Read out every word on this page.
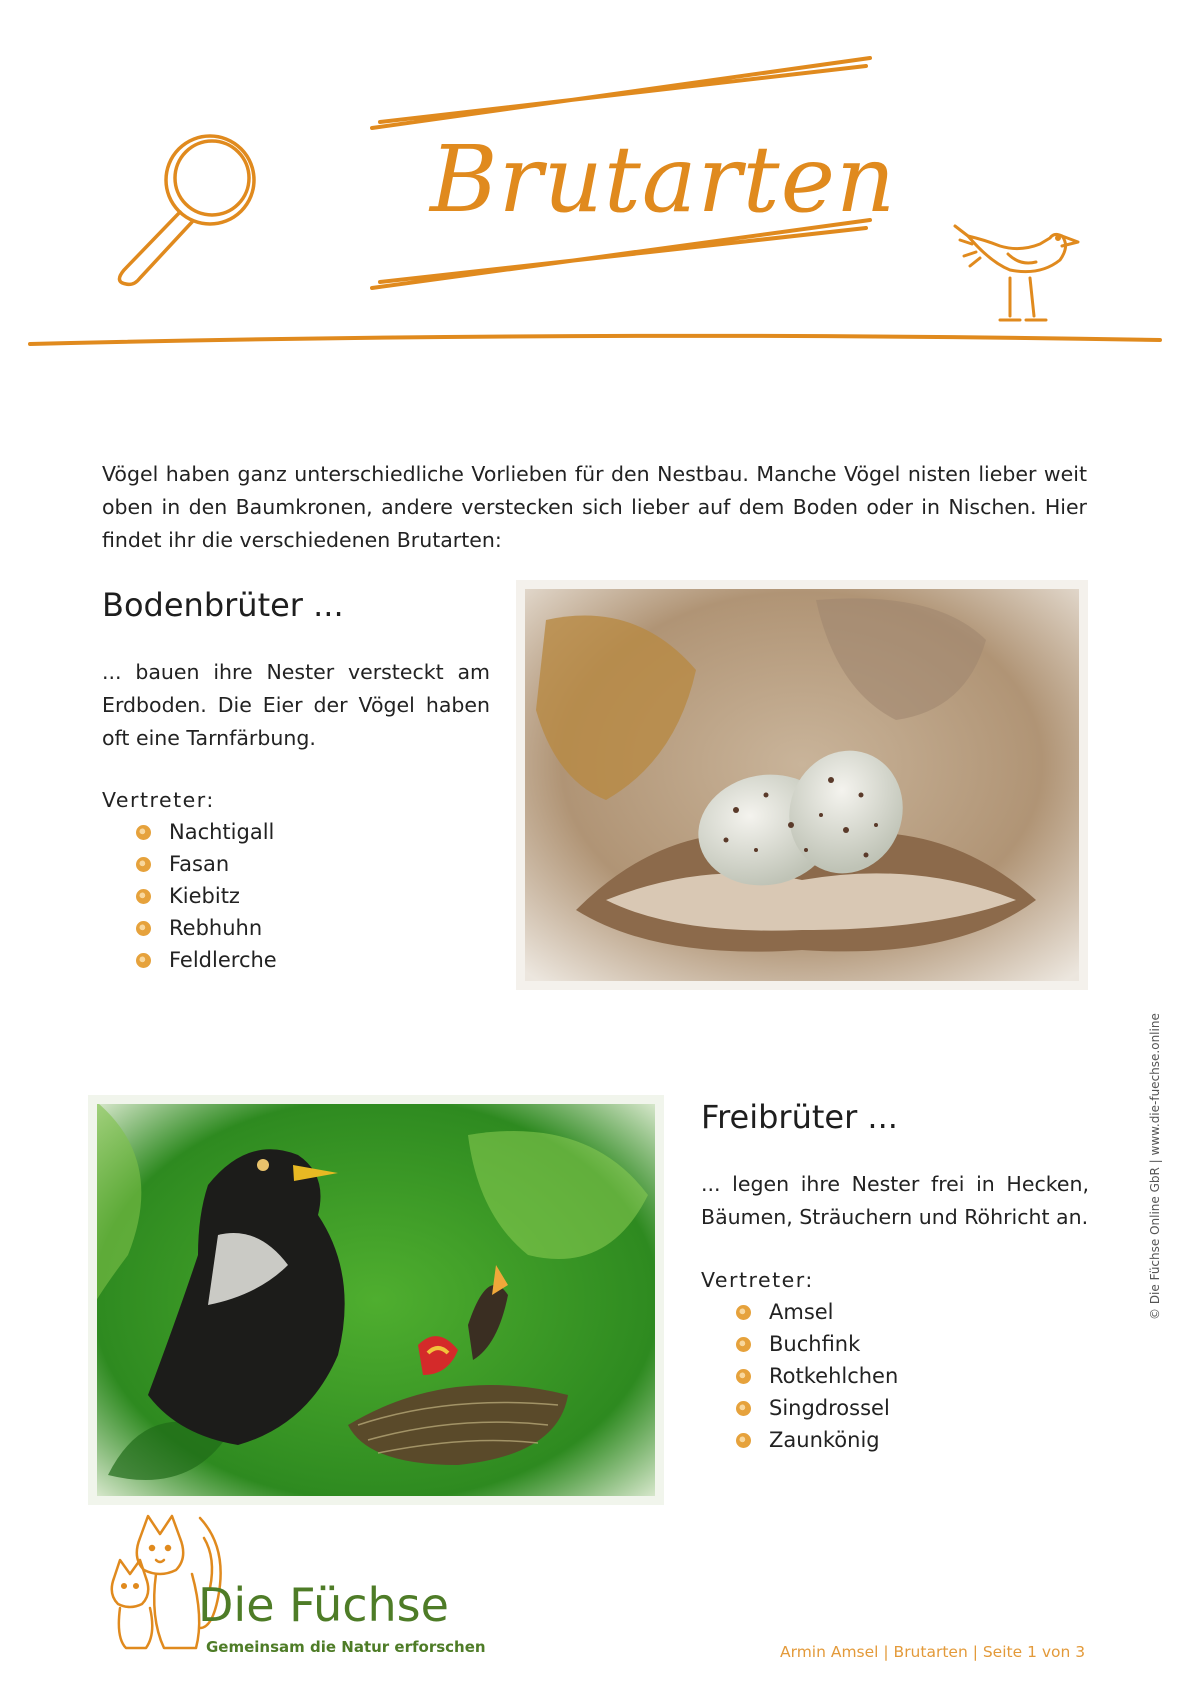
Brutarten
Vögel haben ganz unterschiedliche Vorlieben für den Nestbau. Manche Vögel nisten lieber weit oben in den Baumkronen, andere verstecken sich lieber auf dem Boden oder in Nischen. Hier findet ihr die verschiedenen Brutarten:
Bodenbrüter ...
... bauen ihre Nester versteckt am Erdboden. Die Eier der Vögel haben oft eine Tarnfärbung.
Vertreter:
Nachtigall
Fasan
Kiebitz
Rebhuhn
Feldlerche
Freibrüter ...
... legen ihre Nester frei in Hecken, Bäumen, Sträuchern und Röhricht an.
Vertreter:
Amsel
Buchfink
Rotkehlchen
Singdrossel
Zaunkönig
Die Füchse
Gemeinsam die Natur erforschen	Armin Amsel | Brutarten | Seite 1 von 3
© Die Füchse Online GbR | www.die-fuechse.online
